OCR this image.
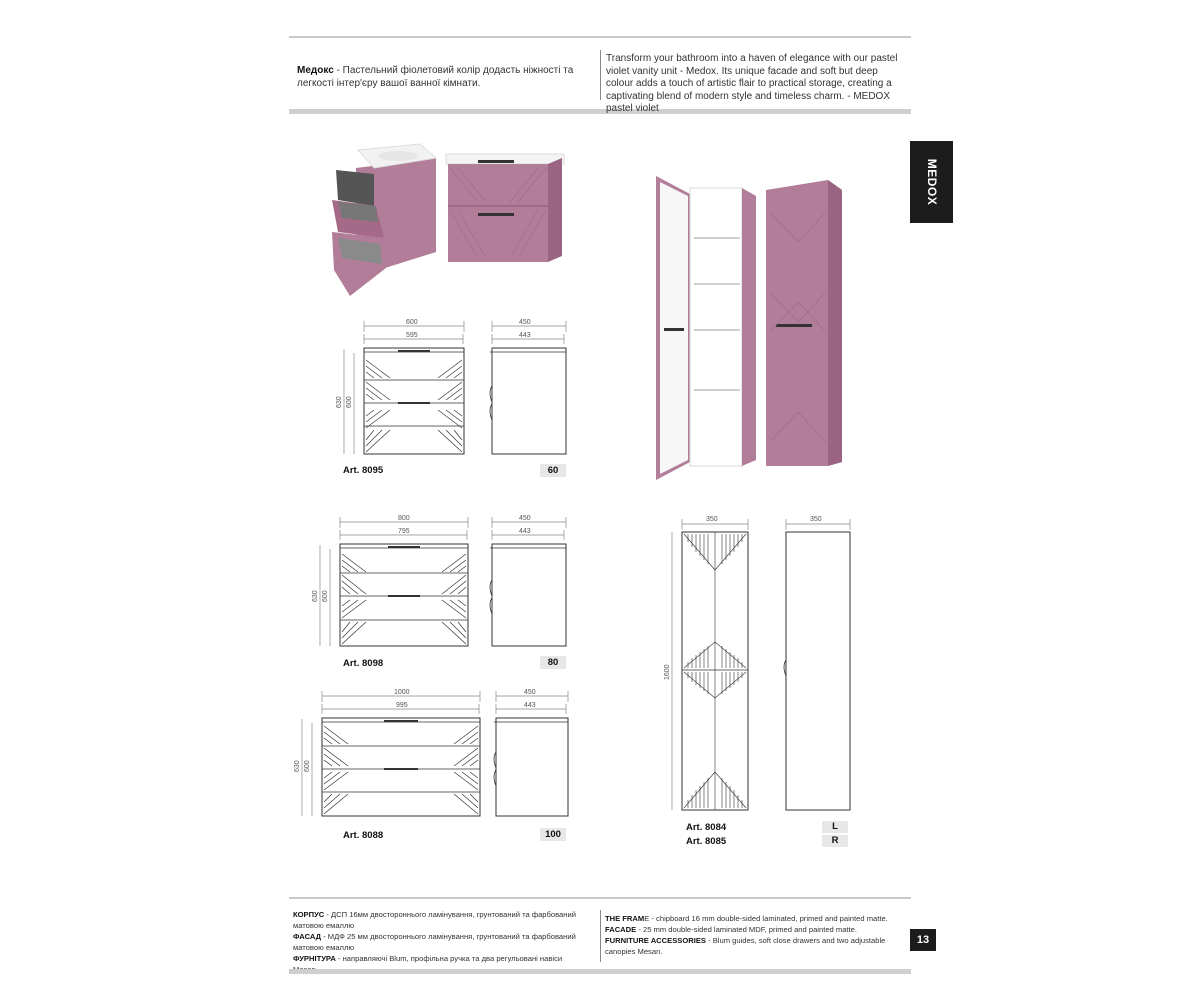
Медокс - Пастельний фіолетовий колір додасть ніжності та легкості інтер'єру вашої ванної кімнати.
Transform your bathroom into a haven of elegance with our pastel violet vanity unit - Medox. Its unique facade and soft but deep colour adds a touch of artistic flair to practical storage, creating a captivating blend of modern style and timeless charm. - MEDOX pastel violet
MEDOX
600
595
450
443
630 600
Art. 8095	60
800
795
450
443
630 600
Art. 8098	80
1000
995
450
443
630 600
Art. 8088	100
350	350
1600
Art. 8084
Art. 8085
L
R
КОРПУС - ДСП 16мм двостороннього ламінування, грунтований та фарбований матовою емаллю
ФАСАД - МДФ 25 мм двостороннього ламінування, грунтований та фарбований матовою емаллю
ФУРНІТУРА - направляючі Blum, профільна ручка та два регульовані навіси
THE FRAME - chipboard 16 mm double-sided laminated, primed and painted matte.
FACADE - 25 mm double-sided laminated MDF, primed and painted matte.
FURNITURE ACCESSORIES - Blum guides, soft close drawers and two adjustable canopies Mesan.
13
